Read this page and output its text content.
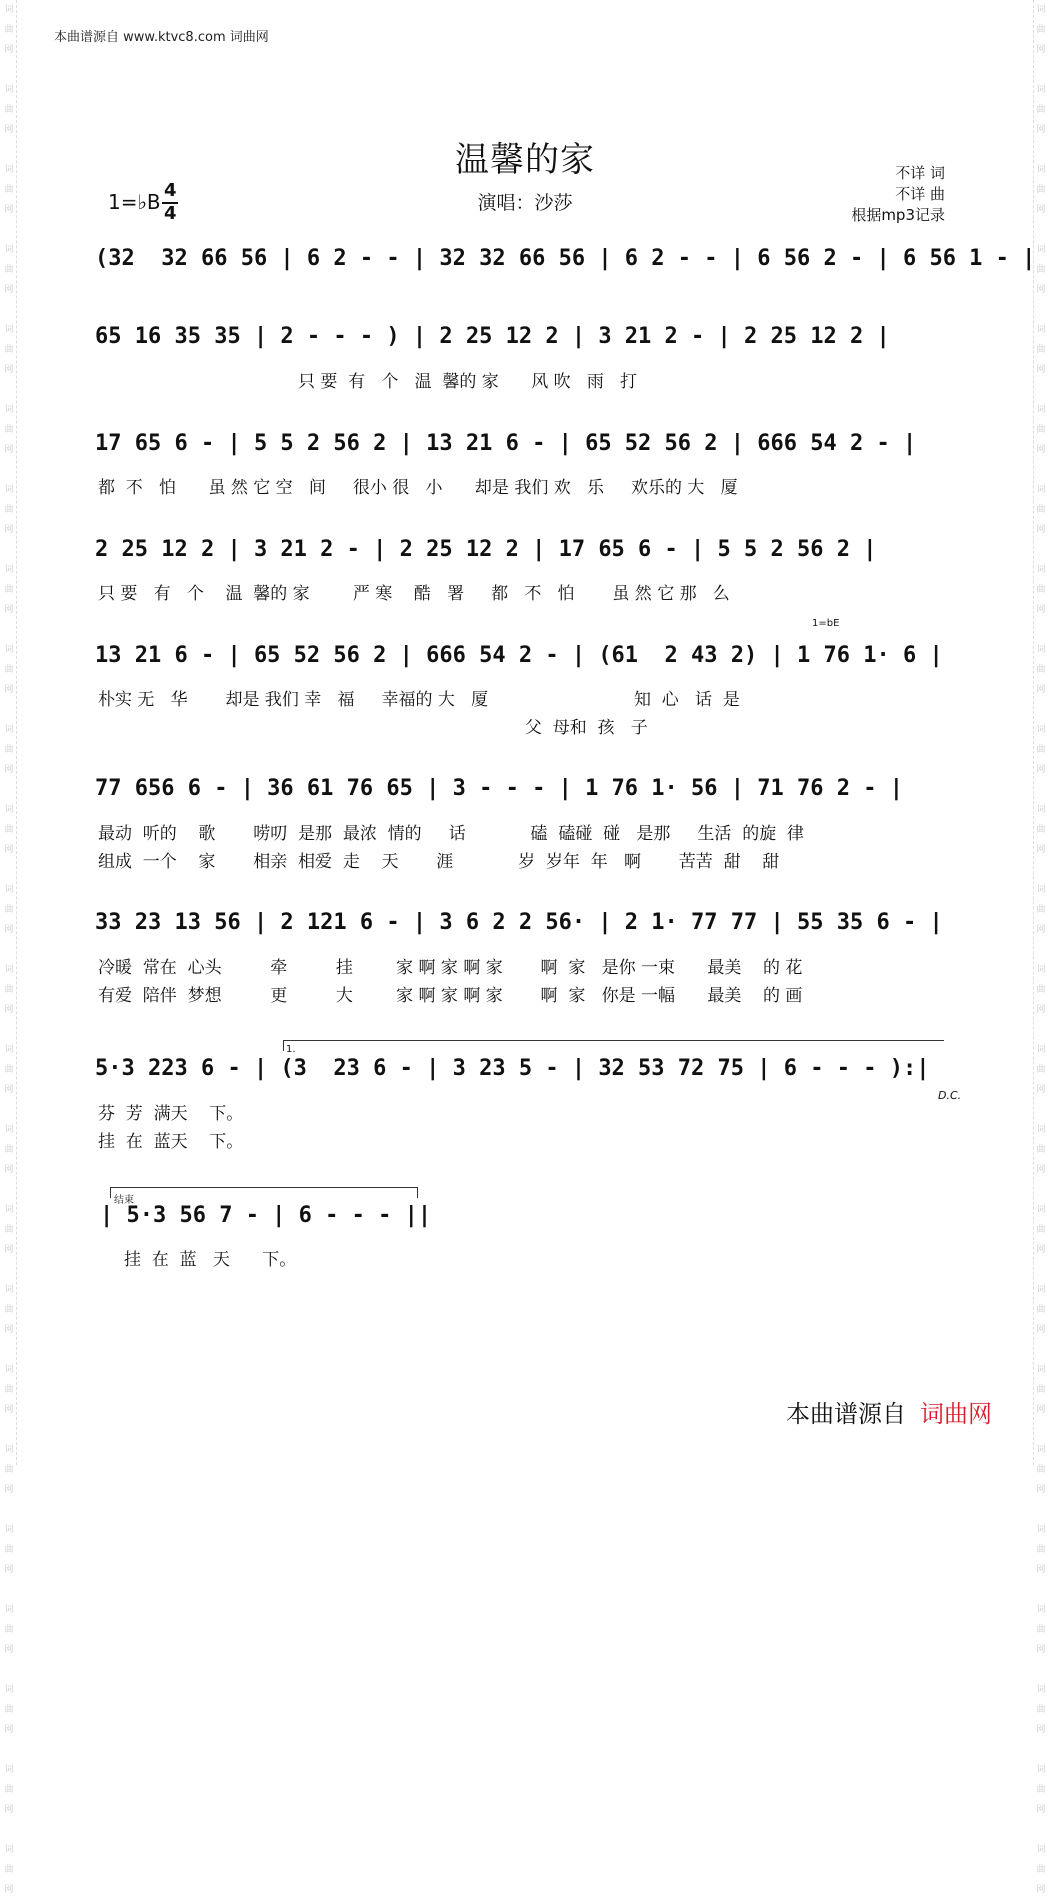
词
曲
网

词
曲
网

词
曲
网

词
曲
网

词
曲
网

词
曲
网

词
曲
网

词
曲
网

词
曲
网

词
曲
网

词
曲
网

词
曲
网

词
曲
网

词
曲
网

词
曲
网

词
曲
网

词
曲
网

词
曲
网

词
曲
网

词
曲
网

词
曲
网

词
曲
网

词
曲
网

词
曲
网

词
曲
网

词
曲
网

词
曲
网

词
曲
网

词
曲
网

词
曲
网

词
曲
网

词
曲
网

词
曲
网

词
曲
网

词
曲
网

词
曲
网

词
曲
网

词
曲
网

词
曲
网

词
曲
网

词
曲
网

词
曲
网

词
曲
网

词
曲
网

词
曲
网

词
曲
网

词
曲
网

词
曲
网

本曲谱源自 www.ktvc8.com 词曲网
温馨的家
演唱：沙莎
不详 词
不详 曲
根据mp3记录
1=♭B 4
4
(32  32 66 56 | 6 2 - - | 32 32 66 56 | 6 2 - - | 6 56 2 - | 6 56 1 - |
65 16 35 35 | 2 - - - ) | 2 25 12 2 | 3 21 2 - | 2 25 12 2 |
只 要  有   个   温  馨的 家      风 吹   雨   打
17 65 6 - | 5 5 2 56 2 | 13 21 6 - | 65 52 56 2 | 666 54 2 - |
都  不   怕      虽 然 它 空   间     很小 很   小      却是 我们 欢   乐     欢乐的 大   厦
2 25 12 2 | 3 21 2 - | 2 25 12 2 | 17 65 6 - | 5 5 2 56 2 |
只 要   有   个    温  馨的 家        严 寒    酷   署     都   不   怕       虽 然 它 那   么
1=bE
13 21 6 - | 65 52 56 2 | 666 54 2 - | (61  2 43 2) | 1 76 1· 6 |
朴实 无   华       却是 我们 幸   福     幸福的 大   厦                           知  心   话  是
父  母和  孩   子
77 656 6 - | 36 61 76 65 | 3 - - - | 1 76 1· 56 | 71 76 2 - |
最动  听的    歌       唠叨  是那  最浓  情的     话            磕  磕碰  碰   是那     生活  的旋  律
组成  一个    家       相亲  相爱  走    天       涯            岁  岁年  年   啊       苦苦  甜    甜
33 23 13 56 | 2 121 6 - | 3 6 2 2 56· | 2 1· 77 77 | 55 35 6 - |
冷暖  常在  心头         牵         挂        家 啊 家 啊 家       啊  家   是你 一束      最美    的 花
有爱  陪伴  梦想         更         大        家 啊 家 啊 家       啊  家   你是 一幅      最美    的 画
1.
5·3 223 6 - | (3  23 6 - | 3 23 5 - | 32 53 72 75 | 6 - - - ):|
D.C.
芬  芳  满天    下。
挂  在  蓝天    下。
结束
| 5·3 56 7 - | 6 - - - ||
挂  在  蓝   天      下。
本曲谱源自 词曲网
